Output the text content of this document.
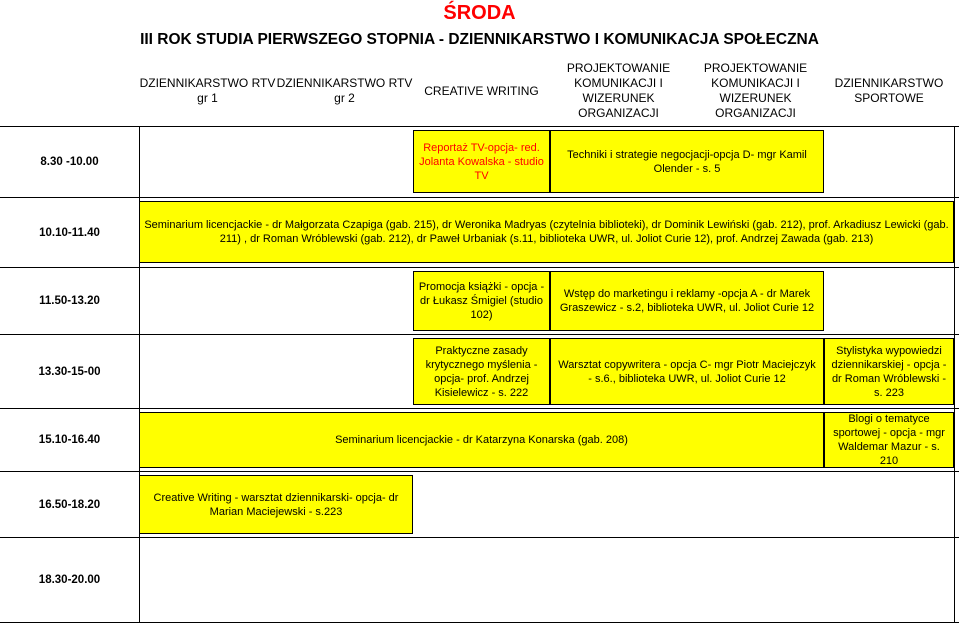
ŚRODA
III ROK STUDIA PIERWSZEGO STOPNIA - DZIENNIKARSTWO I KOMUNIKACJA SPOŁECZNA
DZIENNIKARSTWO RTV gr 1
DZIENNIKARSTWO RTV gr 2
CREATIVE WRITING
PROJEKTOWANIE KOMUNIKACJI I WIZERUNEK ORGANIZACJI
PROJEKTOWANIE KOMUNIKACJI I WIZERUNEK ORGANIZACJI
DZIENNIKARSTWO SPORTOWE
8.30 -10.00
10.10-11.40
11.50-13.20
13.30-15-00
15.10-16.40
16.50-18.20
18.30-20.00
Reportaż TV-opcja- red. Jolanta Kowalska - studio TV
Techniki i strategie negocjacji-opcja D- mgr Kamil Olender - s. 5
Seminarium licencjackie - dr Małgorzata Czapiga (gab. 215), dr Weronika Madryas (czytelnia biblioteki), dr Dominik Lewiński (gab. 212), prof. Arkadiusz Lewicki (gab. 211) , dr Roman Wróblewski (gab. 212), dr Paweł Urbaniak (s.11, biblioteka UWR, ul. Joliot Curie 12), prof. Andrzej Zawada (gab. 213)
Promocja książki - opcja - dr Łukasz Śmigiel (studio 102)
Wstęp do marketingu i reklamy -opcja A - dr Marek Graszewicz - s.2, biblioteka UWR, ul. Joliot Curie 12
Praktyczne zasady krytycznego myślenia - opcja- prof. Andrzej Kisielewicz - s. 222
Warsztat copywritera - opcja C- mgr Piotr Maciejczyk - s.6., biblioteka UWR, ul. Joliot Curie 12
Stylistyka wypowiedzi dziennikarskiej - opcja - dr Roman Wróblewski - s. 223
Seminarium licencjackie - dr Katarzyna Konarska (gab. 208)
Blogi o tematyce sportowej - opcja - mgr Waldemar Mazur - s. 210
Creative Writing - warsztat dziennikarski- opcja- dr Marian Maciejewski - s.223
